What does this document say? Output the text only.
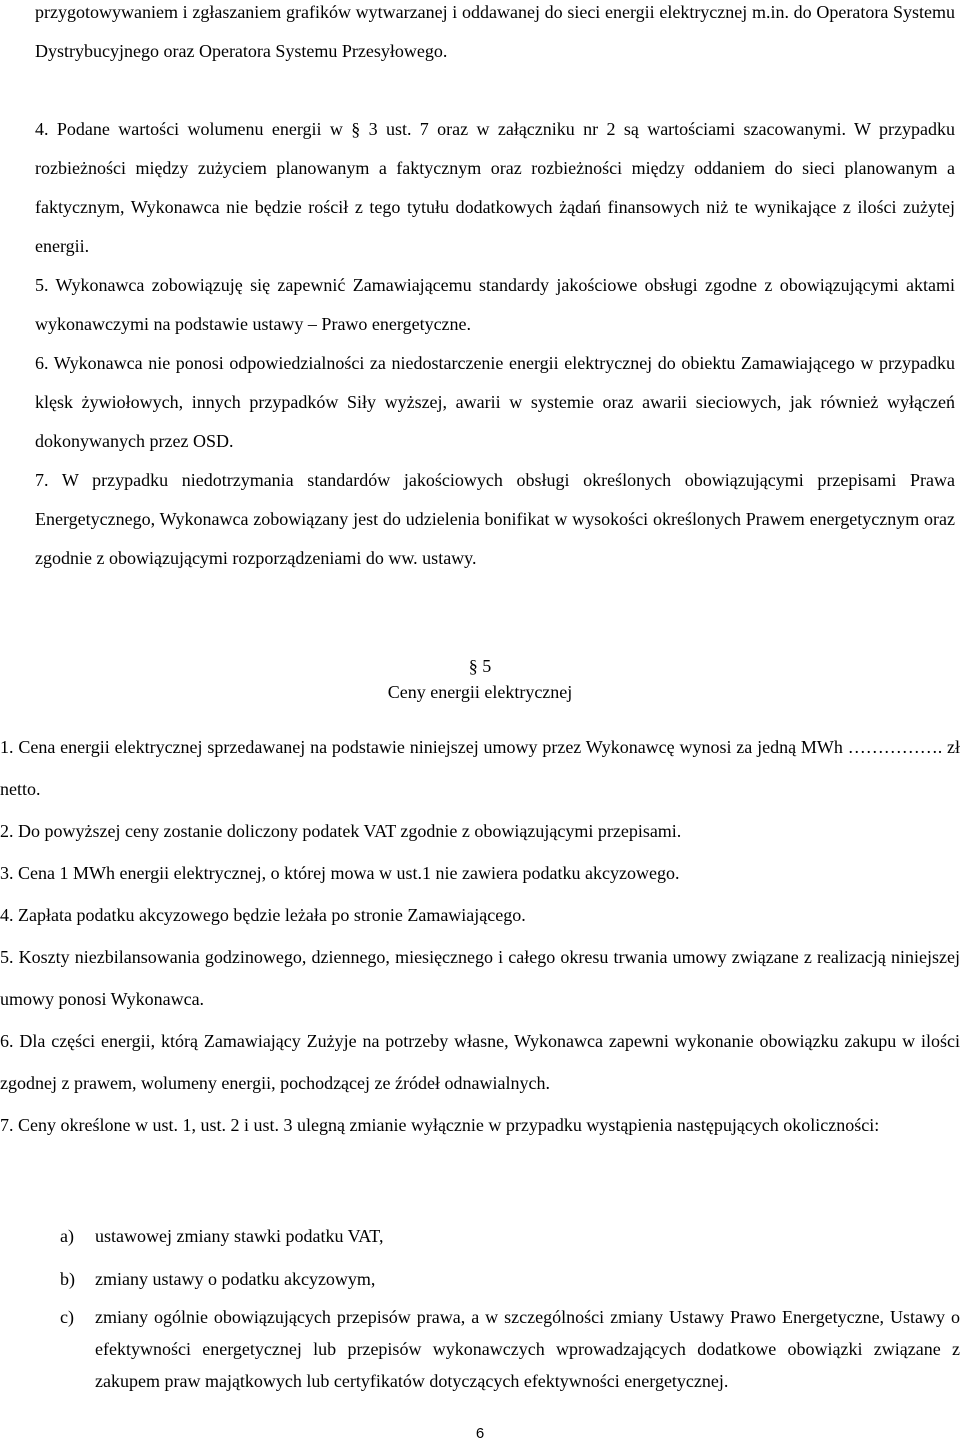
przygotowywaniem i zgłaszaniem grafików wytwarzanej i oddawanej do sieci energii elektrycznej m.in. do Operatora Systemu Dystrybucyjnego oraz Operatora Systemu Przesyłowego.

4. Podane wartości wolumenu energii w § 3 ust. 7 oraz w załączniku nr 2 są wartościami szacowanymi. W przypadku rozbieżności między zużyciem planowanym a faktycznym oraz rozbieżności między oddaniem do sieci planowanym a faktycznym, Wykonawca nie będzie rościł z tego tytułu dodatkowych żądań finansowych niż te wynikające z ilości zużytej energii.

5. Wykonawca zobowiązuję się zapewnić Zamawiającemu standardy jakościowe obsługi zgodne z obowiązującymi aktami wykonawczymi na podstawie ustawy – Prawo energetyczne.

6. Wykonawca nie ponosi odpowiedzialności za niedostarczenie energii elektrycznej do obiektu Zamawiającego w przypadku klęsk żywiołowych, innych przypadków Siły wyższej, awarii w systemie oraz awarii sieciowych, jak również wyłączeń dokonywanych przez OSD.

7. W przypadku niedotrzymania standardów jakościowych obsługi określonych obowiązującymi przepisami Prawa Energetycznego, Wykonawca zobowiązany jest do udzielenia bonifikat w wysokości określonych Prawem energetycznym oraz zgodnie z obowiązującymi rozporządzeniami do ww. ustawy.

§ 5

Ceny energii elektrycznej

1. Cena energii elektrycznej sprzedawanej na podstawie niniejszej umowy przez Wykonawcę wynosi za jedną MWh ……………. zł netto.

2. Do powyższej ceny zostanie doliczony podatek VAT zgodnie z obowiązującymi przepisami.

3. Cena 1 MWh energii elektrycznej, o której mowa w ust.1 nie zawiera podatku akcyzowego.

4. Zapłata podatku akcyzowego będzie leżała po stronie Zamawiającego.

5. Koszty niezbilansowania godzinowego, dziennego, miesięcznego i całego okresu trwania umowy związane z realizacją niniejszej umowy ponosi Wykonawca.

6. Dla części energii, którą Zamawiający Zużyje na potrzeby własne, Wykonawca zapewni wykonanie obowiązku zakupu w ilości zgodnej z prawem, wolumeny energii, pochodzącej ze źródeł odnawialnych.

7. Ceny określone w ust. 1, ust. 2 i ust. 3 ulegną zmianie wyłącznie w przypadku wystąpienia następujących okoliczności:

a) ustawowej zmiany stawki podatku VAT,
b) zmiany ustawy o podatku akcyzowym,
c) zmiany ogólnie obowiązujących przepisów prawa, a w szczególności zmiany Ustawy Prawo Energetyczne, Ustawy o efektywności energetycznej lub przepisów wykonawczych wprowadzających dodatkowe obowiązki związane z zakupem praw majątkowych lub certyfikatów dotyczących efektywności energetycznej.
6
